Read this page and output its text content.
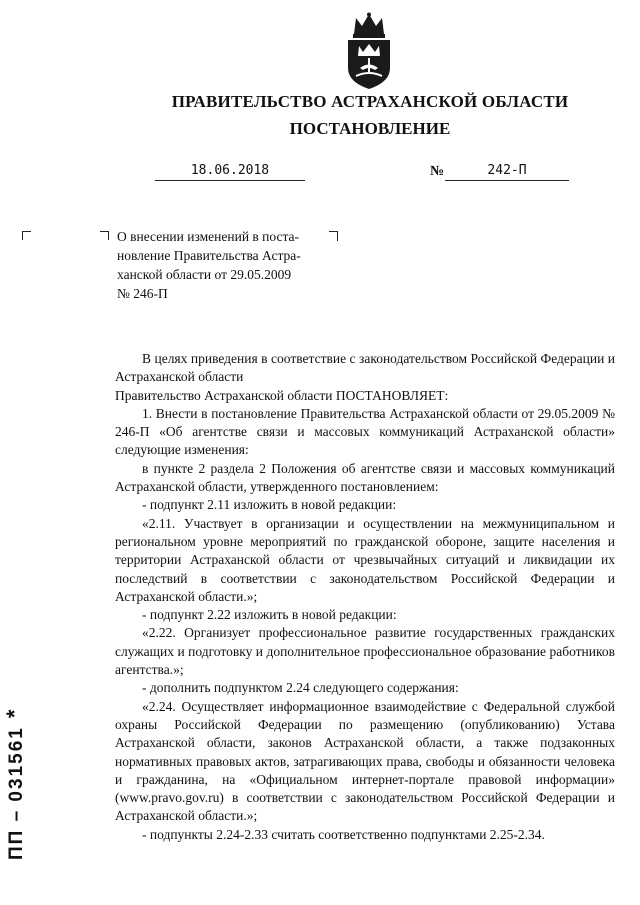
ПРАВИТЕЛЬСТВО АСТРАХАНСКОЙ ОБЛАСТИ
ПОСТАНОВЛЕНИЕ
18.06.2018	№	242-П
О внесении изменений в поста-
новление Правительства Астра-
ханской области от 29.05.2009
№ 246-П

В целях приведения в соответствие с законодательством Российской Федерации и Астраханской области

Правительство Астраханской области ПОСТАНОВЛЯЕТ:

1. Внести в постановление Правительства Астраханской области от 29.05.2009 № 246-П «Об агентстве связи и массовых коммуникаций Астраханской области» следующие изменения:

в пункте 2 раздела 2 Положения об агентстве связи и массовых коммуникаций Астраханской области, утвержденного постановлением:

- подпункт 2.11 изложить в новой редакции:

«2.11. Участвует в организации и осуществлении на межмуниципальном и региональном уровне мероприятий по гражданской обороне, защите населения и территории Астраханской области от чрезвычайных ситуаций и ликвидации их последствий в соответствии с законодательством Российской Федерации и Астраханской области.»;

- подпункт 2.22 изложить в новой редакции:

«2.22. Организует профессиональное развитие государственных гражданских служащих и подготовку и дополнительное профессиональное образование работников агентства.»;

- дополнить подпунктом 2.24 следующего содержания:

«2.24. Осуществляет информационное взаимодействие с Федеральной службой охраны Российской Федерации по размещению (опубликованию) Устава Астраханской области, законов Астраханской области, а также подзаконных нормативных правовых актов, затрагивающих права, свободы и обязанности человека и гражданина, на «Официальном интернет-портале правовой информации» (www.pravo.gov.ru) в соответствии с законодательством Российской Федерации и Астраханской области.»;

- подпункты 2.24-2.33 считать соответственно подпунктами 2.25-2.34.

ПП – 031561*
